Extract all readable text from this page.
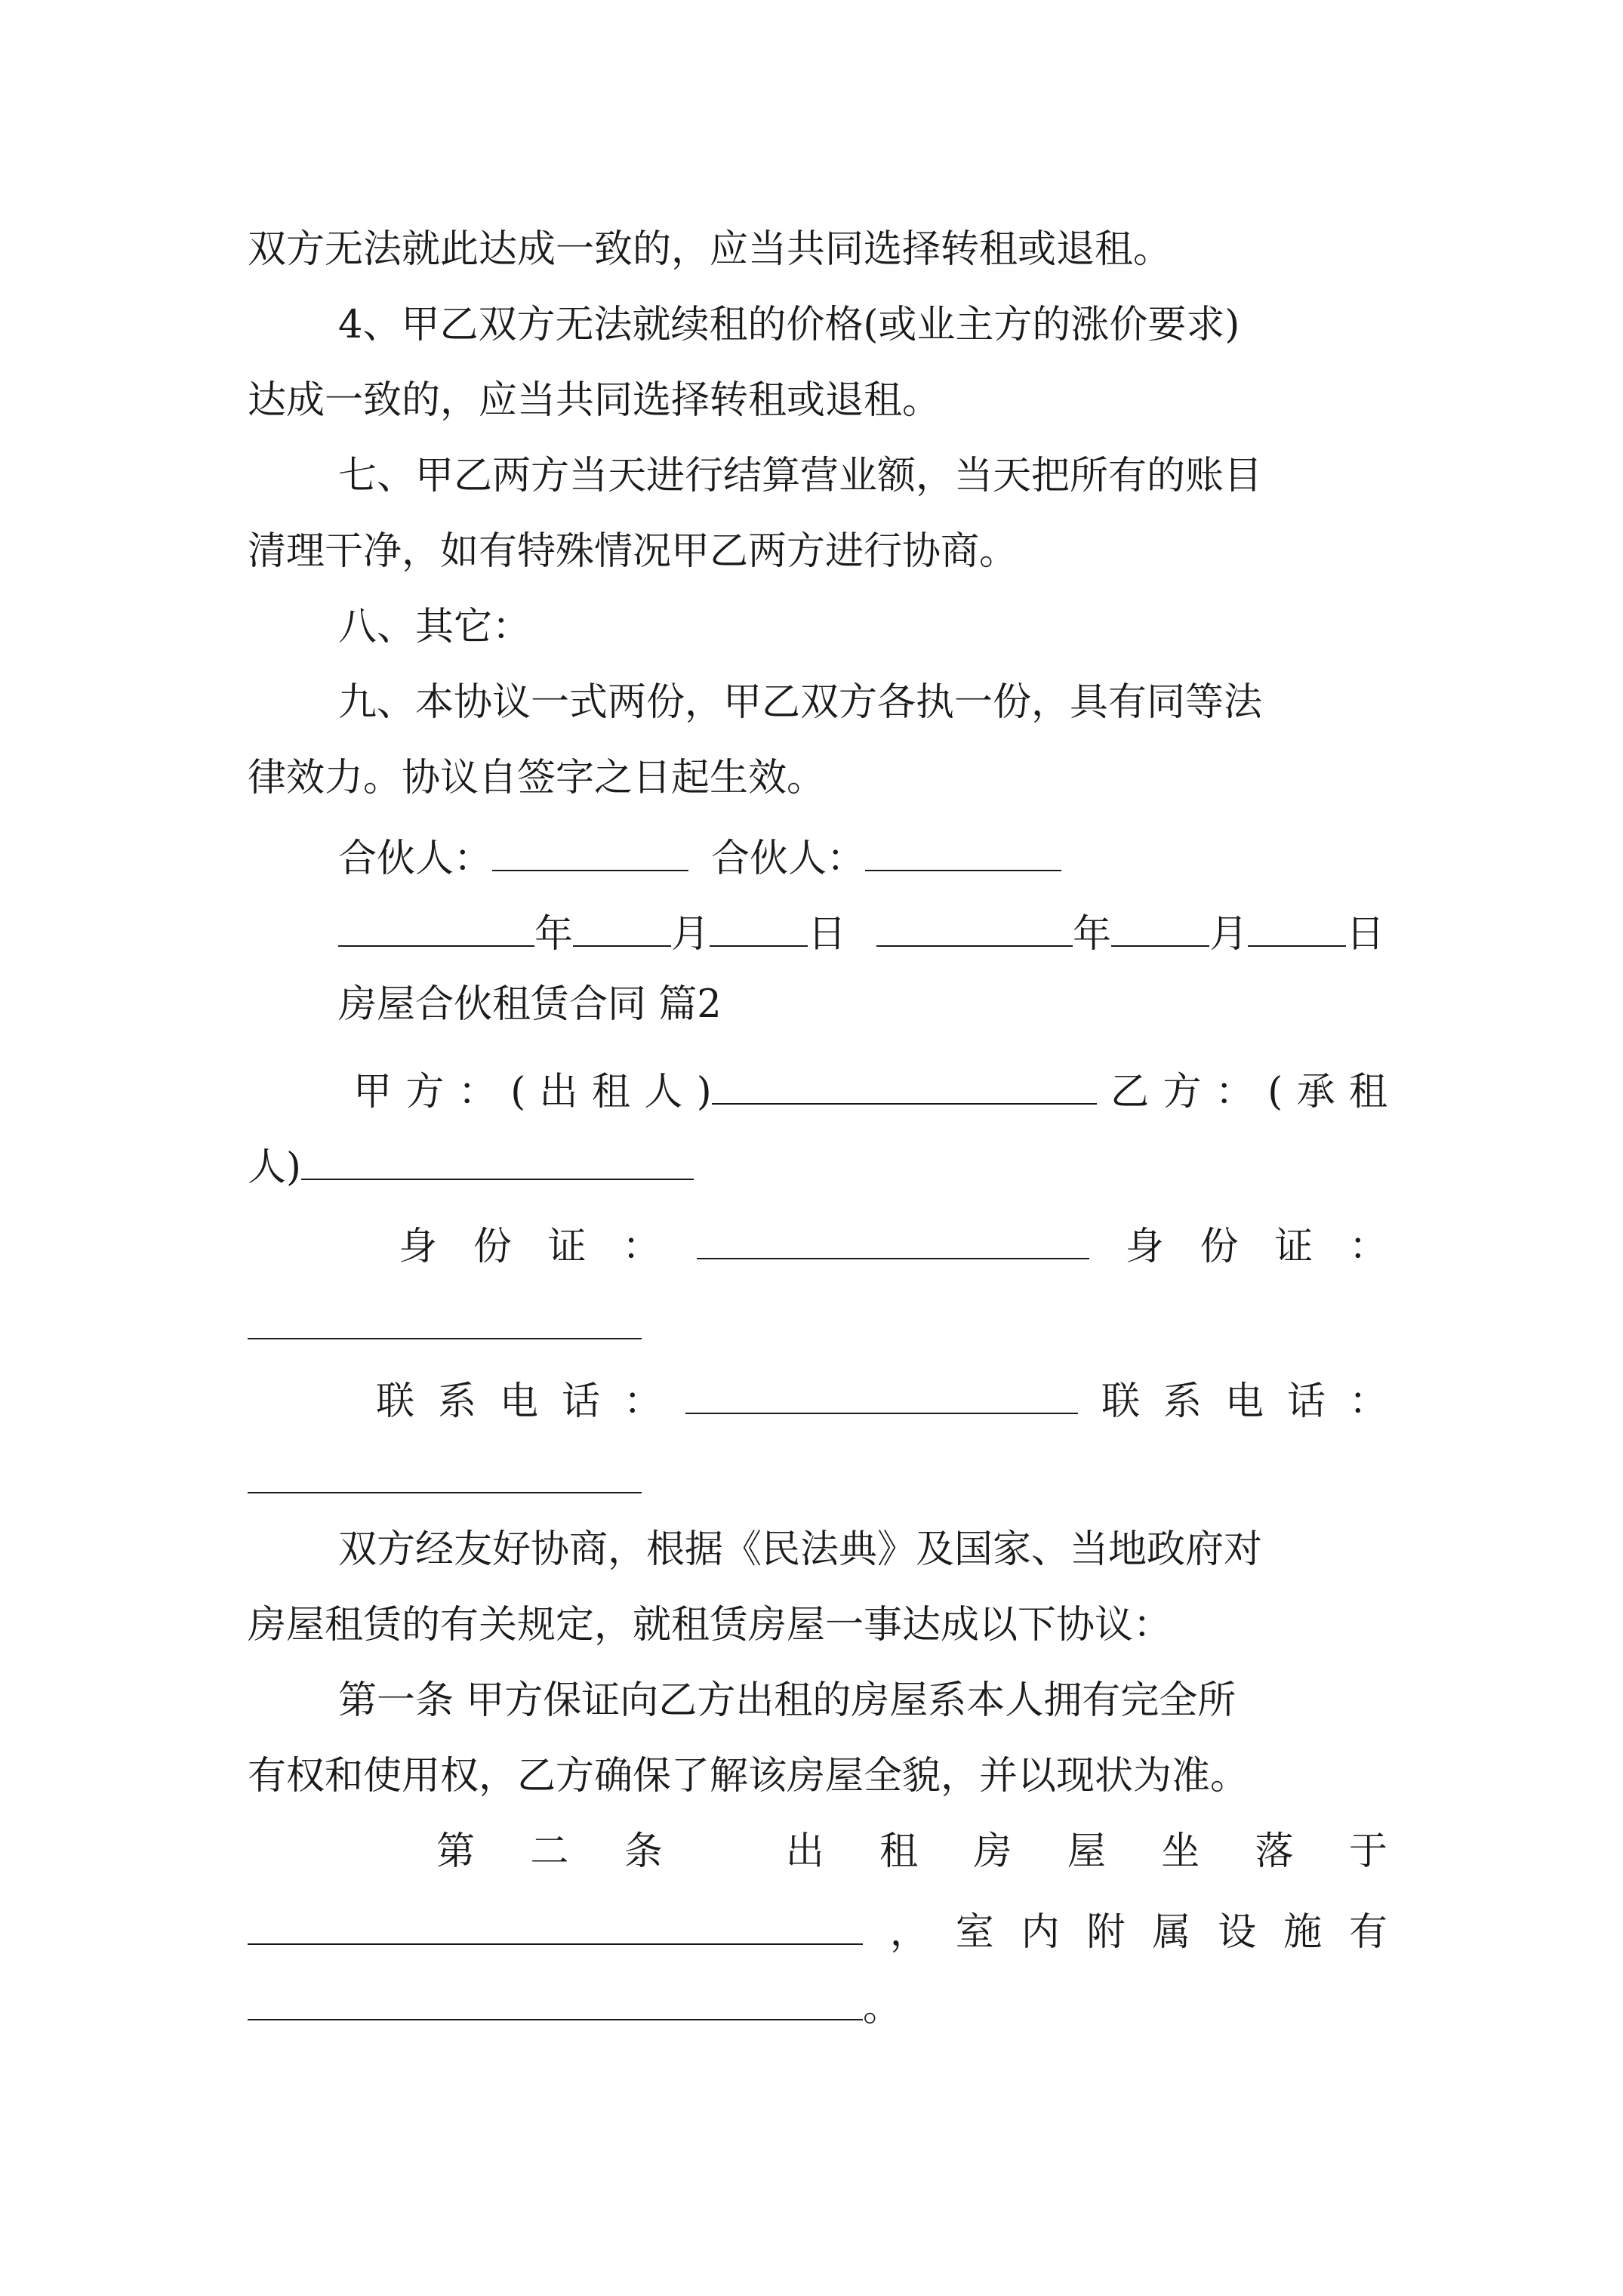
双方无法就此达成一致的，应当共同选择转租或退租。
4、甲乙双方无法就续租的价格(或业主方的涨价要求)
达成一致的，应当共同选择转租或退租。
七、甲乙两方当天进行结算营业额，当天把所有的账目
清理干净，如有特殊情况甲乙两方进行协商。
八、其它：
九、本协议一式两份，甲乙双方各执一份，具有同等法
律效力。协议自签字之日起生效。
合伙人：	合伙人：
年	月	日	年	月	日
房屋合伙租赁合同 篇2
甲方：(出租人)	乙方：(承租
人)
身份证：	身份证：
联系电话：	联系电话：
双方经友好协商，根据《民法典》及国家、当地政府对
房屋租赁的有关规定，就租赁房屋一事达成以下协议：
第一条 甲方保证向乙方出租的房屋系本人拥有完全所
有权和使用权，乙方确保了解该房屋全貌，并以现状为准。
第二条 出租房屋坐落于
，室内附属设施有
。
